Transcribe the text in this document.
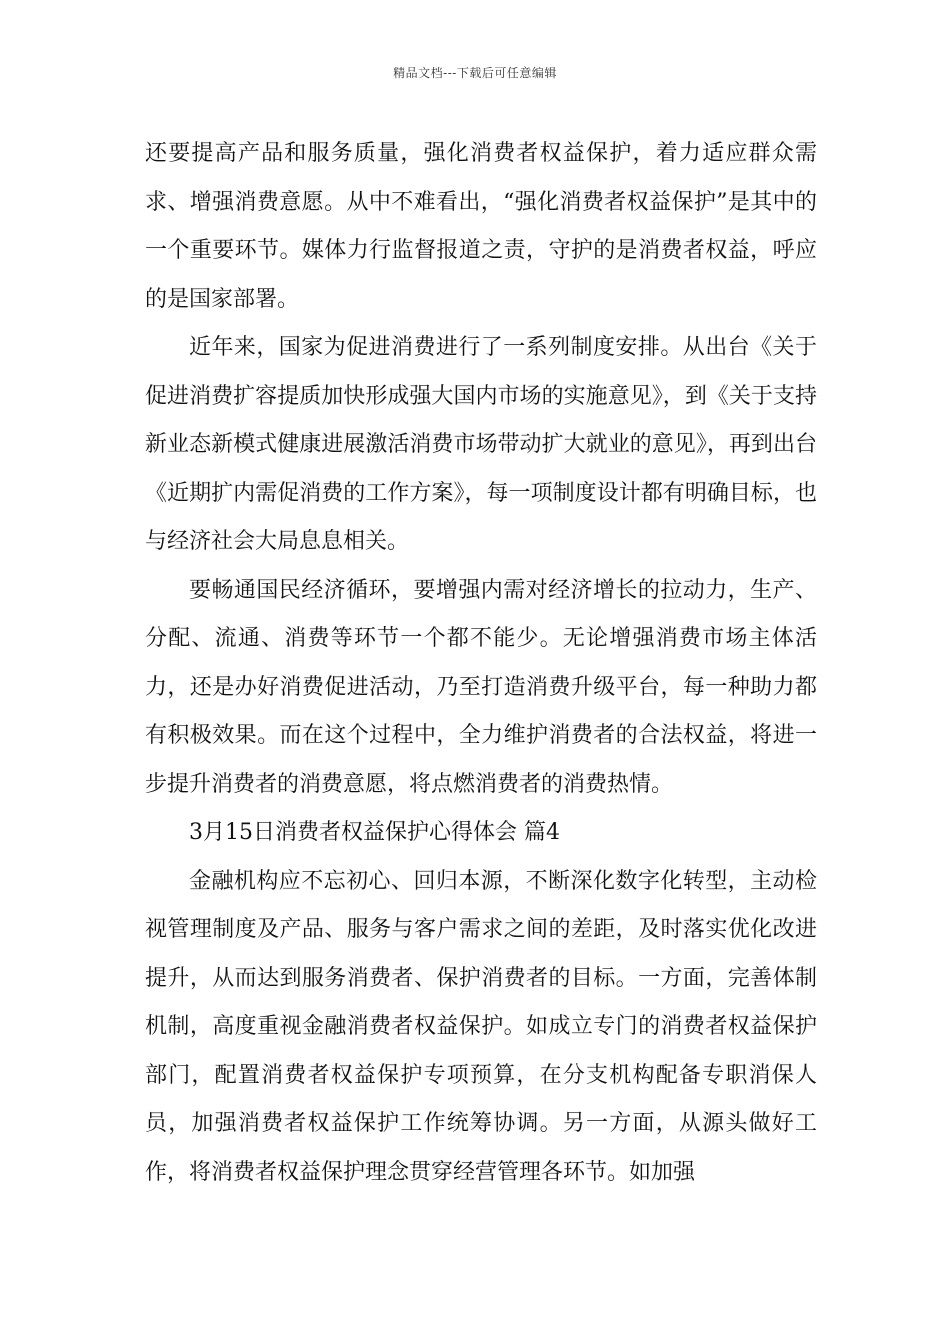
精品文档---下载后可任意编辑

还要提高产品和服务质量，强化消费者权益保护，着力适应群众需求、增强消费意愿。从中不难看出，“强化消费者权益保护”是其中的一个重要环节。媒体力行监督报道之责，守护的是消费者权益，呼应的是国家部署。

近年来，国家为促进消费进行了一系列制度安排。从出台《关于促进消费扩容提质加快形成强大国内市场的实施意见》，到《关于支持新业态新模式健康进展激活消费市场带动扩大就业的意见》，再到出台《近期扩内需促消费的工作方案》，每一项制度设计都有明确目标，也与经济社会大局息息相关。

要畅通国民经济循环，要增强内需对经济增长的拉动力，生产、分配、流通、消费等环节一个都不能少。无论增强消费市场主体活力，还是办好消费促进活动，乃至打造消费升级平台，每一种助力都有积极效果。而在这个过程中，全力维护消费者的合法权益，将进一步提升消费者的消费意愿，将点燃消费者的消费热情。

3月15日消费者权益保护心得体会 篇4

金融机构应不忘初心、回归本源，不断深化数字化转型，主动检视管理制度及产品、服务与客户需求之间的差距，及时落实优化改进提升，从而达到服务消费者、保护消费者的目标。一方面，完善体制机制，高度重视金融消费者权益保护。如成立专门的消费者权益保护部门，配置消费者权益保护专项预算，在分支机构配备专职消保人员，加强消费者权益保护工作统筹协调。另一方面，从源头做好工作，将消费者权益保护理念贯穿经营管理各环节。如加强
